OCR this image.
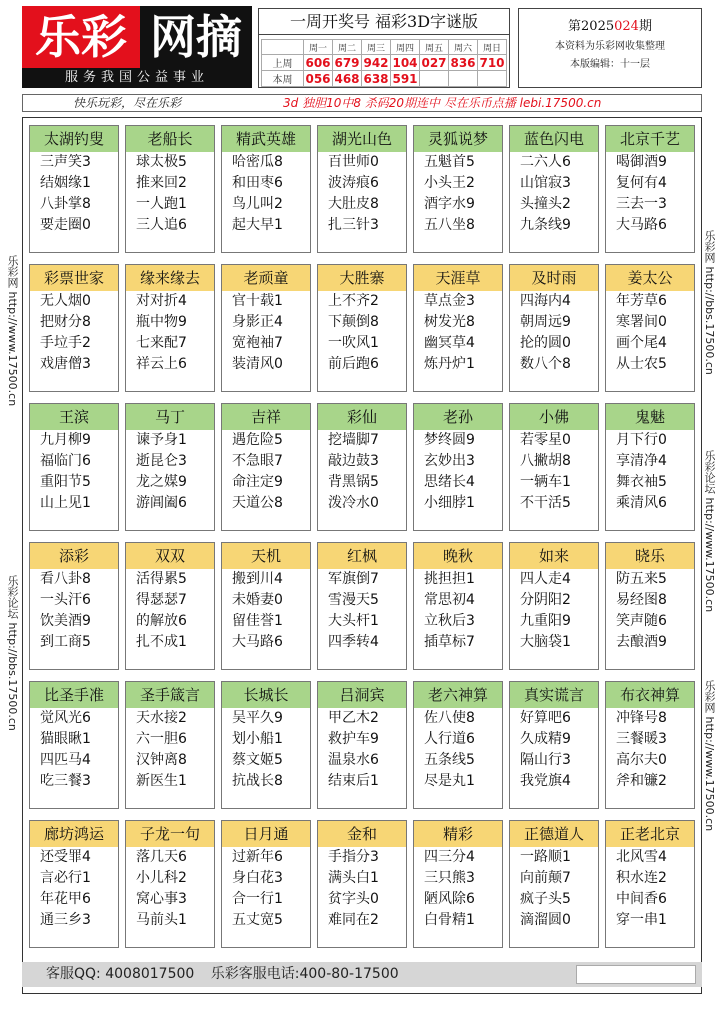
乐彩 网摘
服务我国公益事业
一周开奖号 福彩3D字谜版
	周一	周二	周三	周四	周五	周六	周日
上周	606	679	942	104	027	836	710
本周	056	468	638	591			
第2025024期
本资料为乐彩网收集整理
本版编辑：十一层
快乐玩彩，尽在乐彩	3d 独胆10中8 杀码20期连中 尽在乐币点播 lebi.17500.cn
乐彩网 http://www.17500.cn
乐彩论坛 http://bbs.17500.cn
乐彩网 http://bbs.17500.cn
乐彩论坛 http://www.17500.cn
乐彩网 http://www.17500.cn
太湖钓叟
三声笑3
结姻缘1
八卦掌8
要走圈0
老船长
球太极5
推来回2
一人跑1
三人追6
精武英雄
哈密瓜8
和田枣6
鸟儿叫2
起大早1
湖光山色
百世师0
波涛痕6
大肚皮8
扎三针3
灵狐说梦
五魁首5
小头王2
酒字水9
五八坐8
蓝色闪电
二六人6
山馆寂3
头撞头2
九条线9
北京千艺
喝御酒9
复何有4
三去一3
大马路6
彩票世家
无人烟0
把财分8
手垃手2
戏唐僧3
缘来缘去
对对折4
瓶中物9
七来配7
祥云上6
老顽童
官十载1
身影正4
宽袍袖7
装清风0
大胜寨
上不齐2
下颠倒8
一吹风1
前后跑6
天涯草
草点金3
树发光8
幽冥草4
炼丹炉1
及时雨
四海内4
朝周远9
抡的圆0
数八个8
姜太公
年芳草6
寒署间0
画个尾4
从士农5
王滨
九月柳9
福临门6
重阳节5
山上见1
马丁
谏予身1
逝昆仑3
龙之媒9
游阊阖6
吉祥
遇危险5
不急眼7
命注定9
天道公8
彩仙
挖墙脚7
敲边鼓3
背黑锅5
泼冷水0
老孙
梦终圆9
玄妙出3
思绪长4
小细脖1
小佛
若零星0
八撇胡8
一辆车1
不干活5
鬼魅
月下行0
享清净4
舞衣袖5
乘清风6
添彩
看八卦8
一头汗6
饮美酒9
到工商5
双双
活得累5
得瑟瑟7
的解放6
扎不成1
天机
搬到川4
未婚妻0
留佳誉1
大马路6
红枫
军旗倒7
雪漫天5
大头杆1
四季转4
晚秋
挑担担1
常思初4
立秋后3
插草标7
如来
四人走4
分阴阳2
九重阳9
大脑袋1
晓乐
防五来5
易经图8
笑声随6
去酿酒9
比圣手准
觉风光6
猫眼瞅1
四匹马4
吃三餐3
圣手箴言
天水接2
六一胆6
汉钟离8
新医生1
长城长
吴平久9
划小船1
蔡文姬5
抗战长8
吕洞宾
甲乙木2
救护车9
温泉水6
结束后1
老六神算
佐八使8
人行道6
五条线5
尽是丸1
真实谎言
好算吧6
久成精9
隔山行3
我党旗4
布衣神算
冲锋号8
三餐暖3
高尔夫0
斧和镰2
廊坊鸿运
还受罪4
言必行1
年花甲6
通三乡3
子龙一句
落几天6
小儿科2
窝心事3
马前头1
日月通
过新年6
身白花3
合一行1
五丈宽5
金和
手指分3
满头白1
贫字头0
难同在2
精彩
四三分4
三只熊3
陋风除6
白骨精1
正德道人
一路顺1
向前颠7
疯子头5
滴溜圆0
正老北京
北风雪4
积水连2
中间香6
穿一串1
客服QQ: 4008017500 乐彩客服电话:400-80-17500
